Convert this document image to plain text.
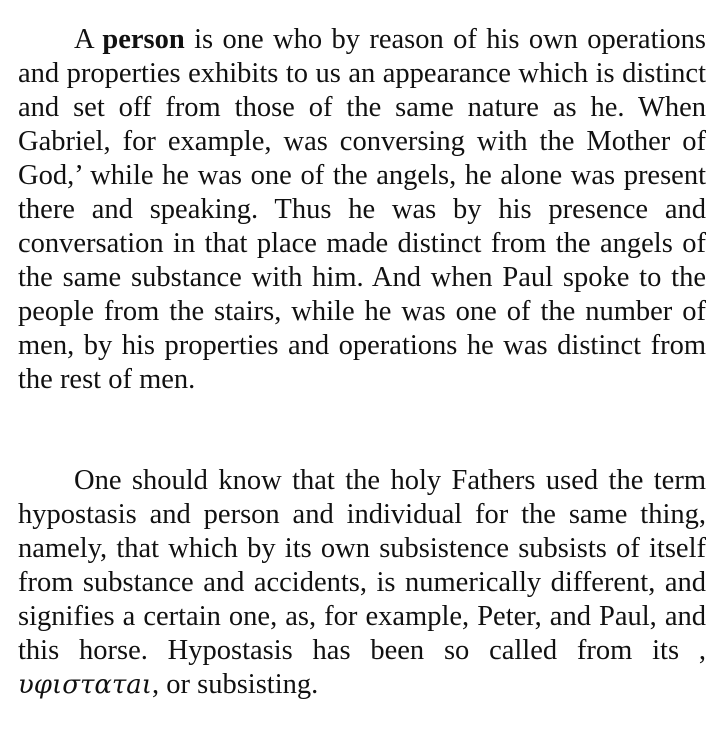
A person is one who by reason of his own operations and properties exhibits to us an appearance which is distinct and set off from those of the same nature as he. When Gabriel, for example, was conversing with the Mother of God,’ while he was one of the angels, he alone was present there and speaking. Thus he was by his presence and conversation in that place made distinct from the angels of the same substance with him. And when Paul spoke to the people from the stairs, while he was one of the number of men, by his properties and operations he was distinct from the rest of men.

One should know that the holy Fathers used the term hypostasis and person and individual for the same thing, namely, that which by its own subsistence subsists of itself from substance and accidents, is numerically different, and signifies a certain one, as, for example, Peter, and Paul, and this horse. Hypostasis has been so called from its , υφιστατaι, or subsisting.
